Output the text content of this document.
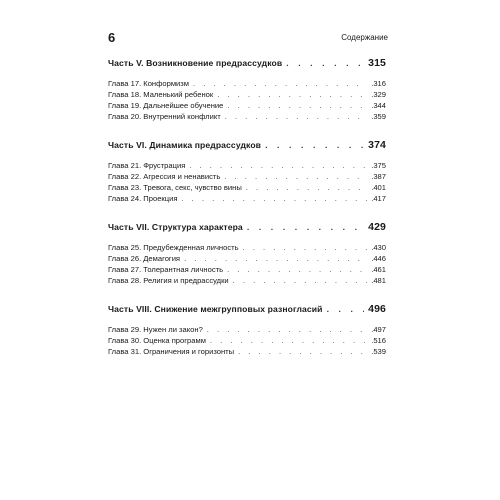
6	Содержание
Часть V. Возникновение предрассудков . . .	315
Глава 17. Конформизм . . .	.316
Глава 18. Маленький ребенок . . .	.329
Глава 19. Дальнейшее обучение . . .	.344
Глава 20. Внутренний конфликт . . .	.359
Часть VI. Динамика предрассудков . . .	374
Глава 21. Фрустрация . . .	.375
Глава 22. Агрессия и ненависть . . .	.387
Глава 23. Тревога, секс, чувство вины . . .	.401
Глава 24. Проекция . . .	.417
Часть VII. Структура характера . . .	429
Глава 25. Предубежденная личность . . .	.430
Глава 26. Демагогия . . .	.446
Глава 27. Толерантная личность . . .	.461
Глава 28. Религия и предрассудки . . .	.481
Часть VIII. Снижение межгрупповых разногласий . . .	496
Глава 29. Нужен ли закон? . . .	.497
Глава 30. Оценка программ . . .	.516
Глава 31. Ограничения и горизонты . . .	.539
